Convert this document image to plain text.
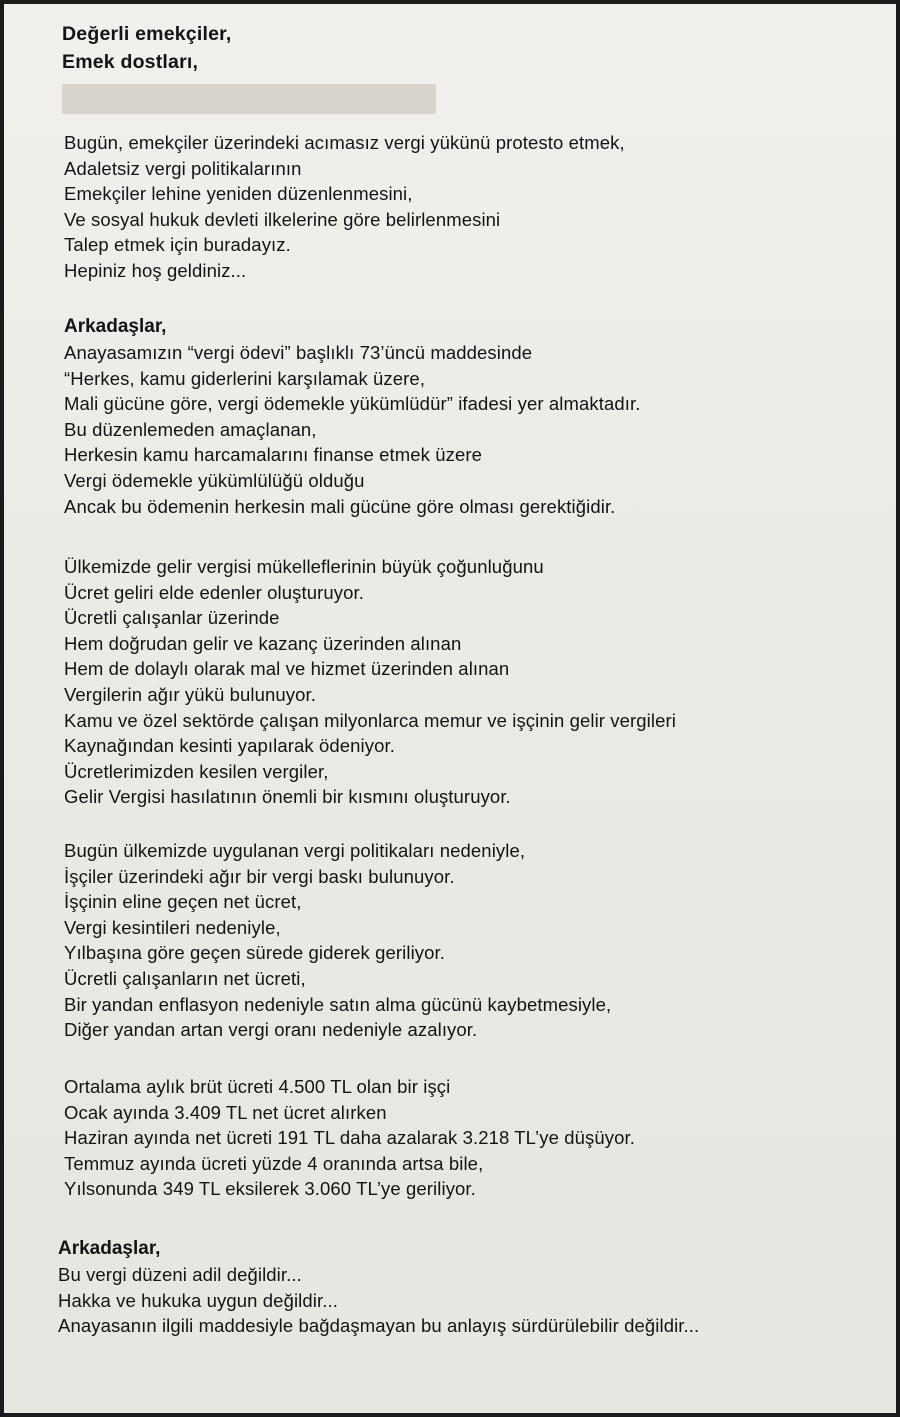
Değerli emekçiler,
Emek dostları,
Bugün, emekçiler üzerindeki acımasız vergi yükünü protesto etmek,
Adaletsiz vergi politikalarının
Emekçiler lehine yeniden düzenlenmesini,
Ve sosyal hukuk devleti ilkelerine göre belirlenmesini
Talep etmek için buradayız.
Hepiniz hoş geldiniz...
Arkadaşlar,
Anayasamızın “vergi ödevi” başlıklı 73’üncü maddesinde
“Herkes, kamu giderlerini karşılamak üzere,
Mali gücüne göre, vergi ödemekle yükümlüdür” ifadesi yer almaktadır.
Bu düzenlemeden amaçlanan,
Herkesin kamu harcamalarını finanse etmek üzere
Vergi ödemekle yükümlülüğü olduğu
Ancak bu ödemenin herkesin mali gücüne göre olması gerektiğidir.
Ülkemizde gelir vergisi mükelleflerinin büyük çoğunluğunu
Ücret geliri elde edenler oluşturuyor.
Ücretli çalışanlar üzerinde
Hem doğrudan gelir ve kazanç üzerinden alınan
Hem de dolaylı olarak mal ve hizmet üzerinden alınan
Vergilerin ağır yükü bulunuyor.
Kamu ve özel sektörde çalışan milyonlarca memur ve işçinin gelir vergileri
Kaynağından kesinti yapılarak ödeniyor.
Ücretlerimizden kesilen vergiler,
Gelir Vergisi hasılatının önemli bir kısmını oluşturuyor.
Bugün ülkemizde uygulanan vergi politikaları nedeniyle,
İşçiler üzerindeki ağır bir vergi baskı bulunuyor.
İşçinin eline geçen net ücret,
Vergi kesintileri nedeniyle,
Yılbaşına göre geçen sürede giderek geriliyor.
Ücretli çalışanların net ücreti,
Bir yandan enflasyon nedeniyle satın alma gücünü kaybetmesiyle,
Diğer yandan artan vergi oranı nedeniyle azalıyor.
Ortalama aylık brüt ücreti 4.500 TL olan bir işçi
Ocak ayında 3.409 TL net ücret alırken
Haziran ayında net ücreti 191 TL daha azalarak 3.218 TL’ye düşüyor.
Temmuz ayında ücreti yüzde 4 oranında artsa bile,
Yılsonunda 349 TL eksilerek 3.060 TL’ye geriliyor.
Arkadaşlar,
Bu vergi düzeni adil değildir...
Hakka ve hukuka uygun değildir...
Anayasanın ilgili maddesiyle bağdaşmayan bu anlayış sürdürülebilir değildir...
